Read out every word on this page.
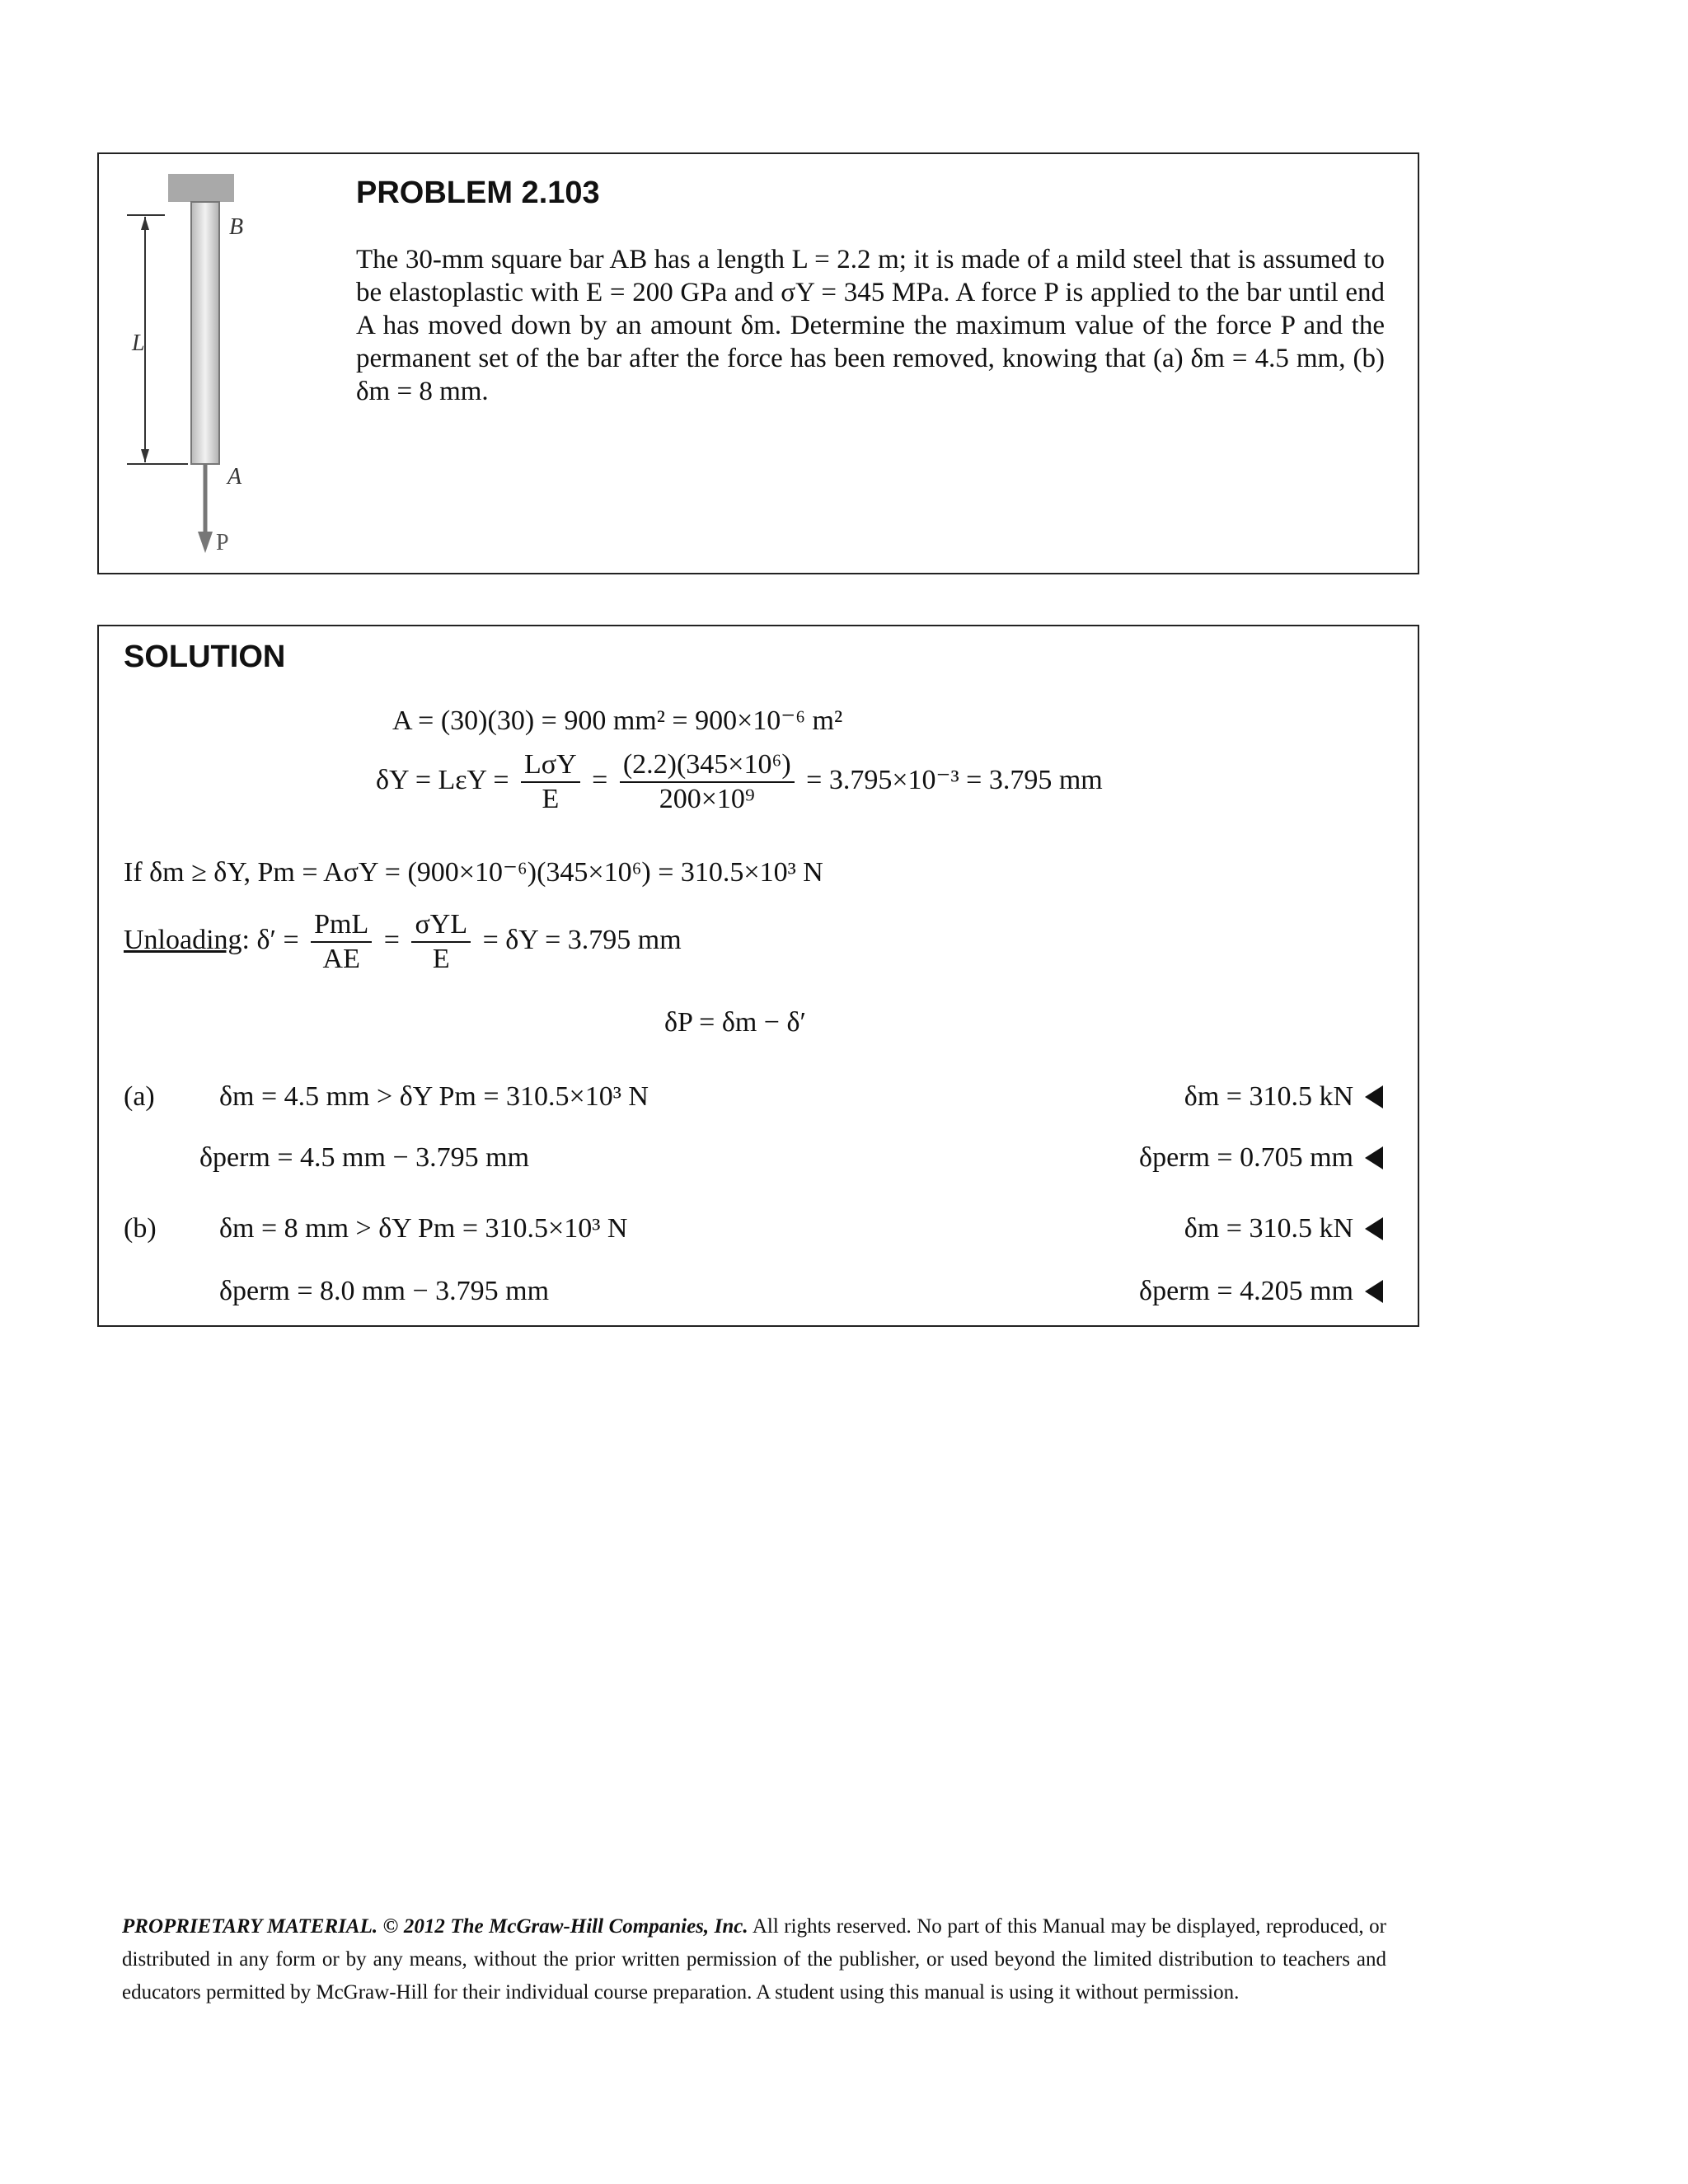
B
L
A
P
PROBLEM 2.103
The 30-mm square bar AB has a length L = 2.2 m; it is made of a mild steel that is assumed to be elastoplastic with E = 200 GPa and σY = 345 MPa. A force P is applied to the bar until end A has moved down by an amount δm. Determine the maximum value of the force P and the permanent set of the bar after the force has been removed, knowing that (a) δm = 4.5 mm, (b) δm = 8 mm.
SOLUTION
A = (30)(30) = 900 mm² = 900×10⁻⁶ m²
$\delta Y = L\varepsilon Y = \frac{\text{LσY}}{E} = \frac{\text{(2.2)(345×10⁶)}}{\text{200×10⁹}} = 3.795\times 10^{-3} = 3.795$ mm
If δm ≥ δY, Pm = AσY = (900×10⁻⁶)(345×10⁶) = 310.5×10³ N
Unloading: $\delta' = \frac{\text{PmL}}{AE} = \frac{\text{σYL}}{E} = \delta Y = 3.795$ mm
δP = δm − δ′
(a) δm = 4.5 mm > δY Pm = 310.5×10³ N
δperm = 4.5 mm − 3.795 mm
δm = 310.5 kN
δperm = 0.705 mm
(b) δm = 8 mm > δY Pm = 310.5×10³ N
δperm = 8.0 mm − 3.795 mm
δm = 310.5 kN
δperm = 4.205 mm
PROPRIETARY MATERIAL. © 2012 The McGraw-Hill Companies, Inc. All rights reserved. No part of this Manual may be displayed, reproduced, or distributed in any form or by any means, without the prior written permission of the publisher, or used beyond the limited distribution to teachers and educators permitted by McGraw-Hill for their individual course preparation. A student using this manual is using it without permission.
